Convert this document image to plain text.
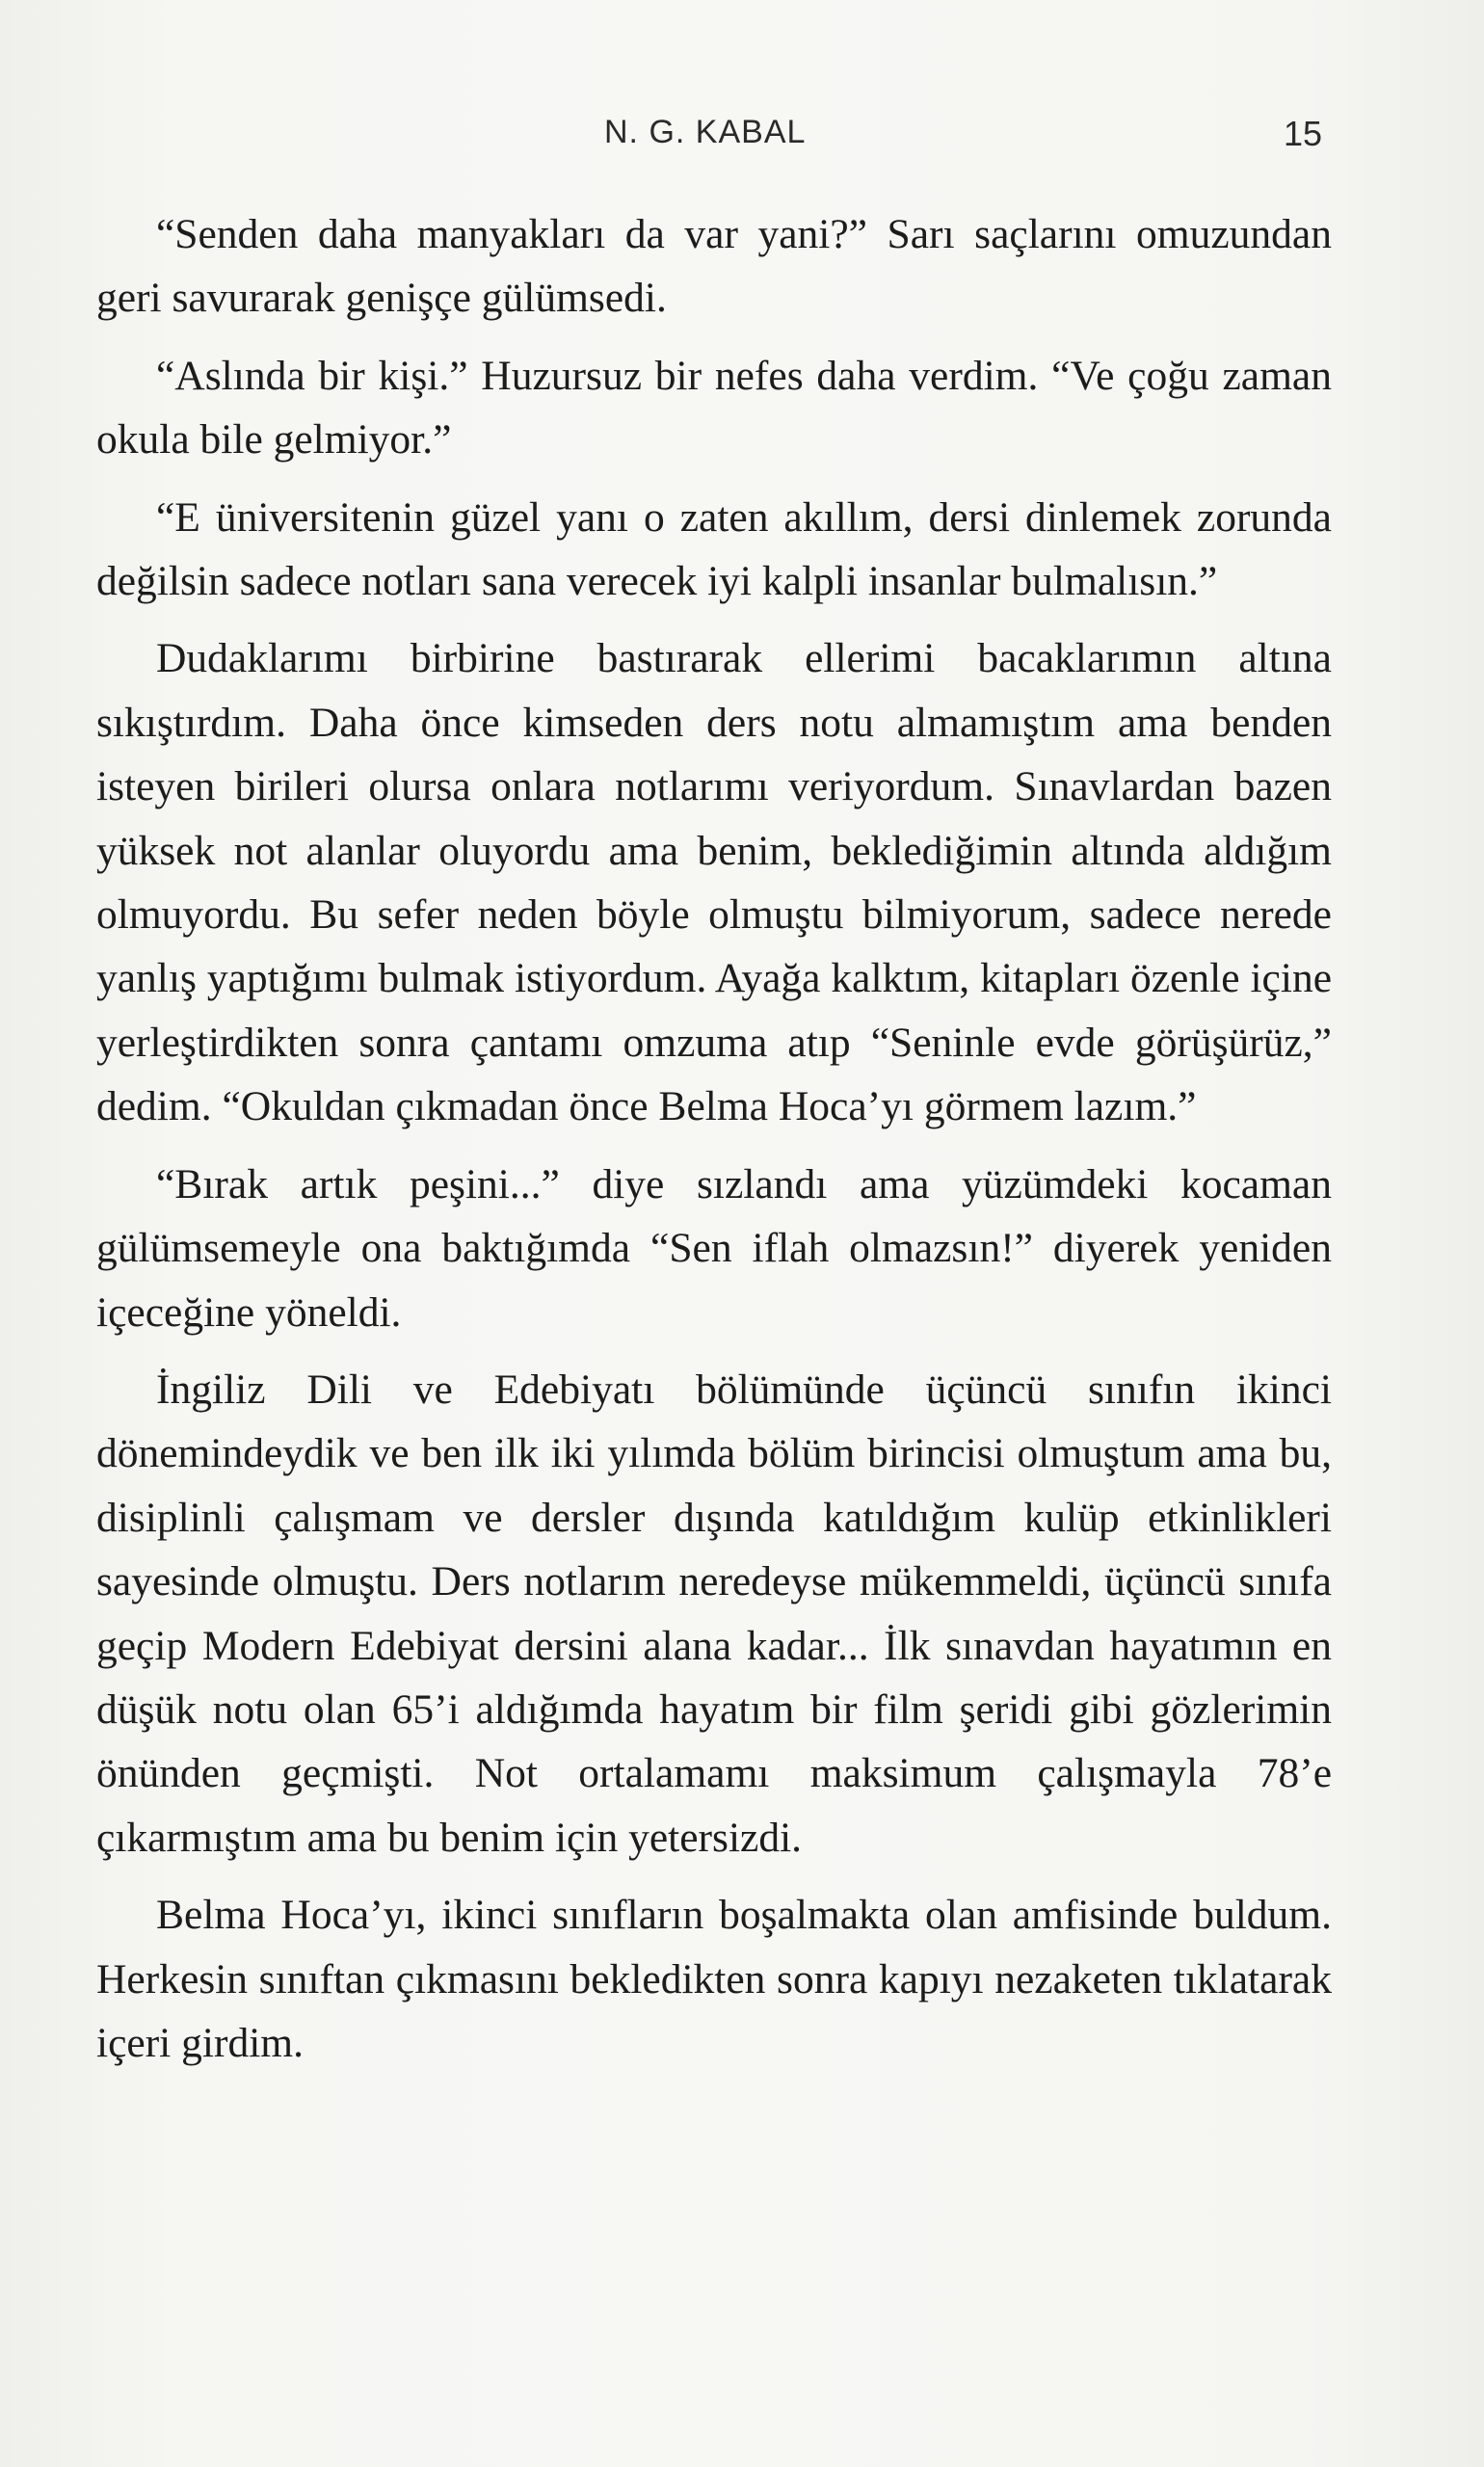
N. G. KABAL	15

“Senden daha manyakları da var yani?” Sarı saçlarını omuzundan geri savurarak genişçe gülümsedi.

“Aslında bir kişi.” Huzursuz bir nefes daha verdim. “Ve çoğu zaman okula bile gelmiyor.”

“E üniversitenin güzel yanı o zaten akıllım, dersi dinlemek zorunda değilsin sadece notları sana verecek iyi kalpli insanlar bulmalısın.”

Dudaklarımı birbirine bastırarak ellerimi bacaklarımın altına sıkıştırdım. Daha önce kimseden ders notu almamıştım ama benden isteyen birileri olursa onlara notlarımı veriyordum. Sınavlardan bazen yüksek not alanlar oluyordu ama benim, beklediğimin altında aldığım olmuyordu. Bu sefer neden böyle olmuştu bilmiyorum, sadece nerede yanlış yaptığımı bulmak istiyordum. Ayağa kalktım, kitapları özenle içine yerleştirdikten sonra çantamı omzuma atıp “Seninle evde görüşürüz,” dedim. “Okuldan çıkmadan önce Belma Hoca’yı görmem lazım.”

“Bırak artık peşini...” diye sızlandı ama yüzümdeki kocaman gülümsemeyle ona baktığımda “Sen iflah olmazsın!” diyerek yeniden içeceğine yöneldi.

İngiliz Dili ve Edebiyatı bölümünde üçüncü sınıfın ikinci dönemindeydik ve ben ilk iki yılımda bölüm birincisi olmuştum ama bu, disiplinli çalışmam ve dersler dışında katıldığım kulüp etkinlikleri sayesinde olmuştu. Ders notlarım neredeyse mükemmeldi, üçüncü sınıfa geçip Modern Edebiyat dersini alana kadar... İlk sınavdan hayatımın en düşük notu olan 65’i aldığımda hayatım bir film şeridi gibi gözlerimin önünden geçmişti. Not ortalamamı maksimum çalışmayla 78’e çıkarmıştım ama bu benim için yetersizdi.

Belma Hoca’yı, ikinci sınıfların boşalmakta olan amfisinde buldum. Herkesin sınıftan çıkmasını bekledikten sonra kapıyı nezaketen tıklatarak içeri girdim.
